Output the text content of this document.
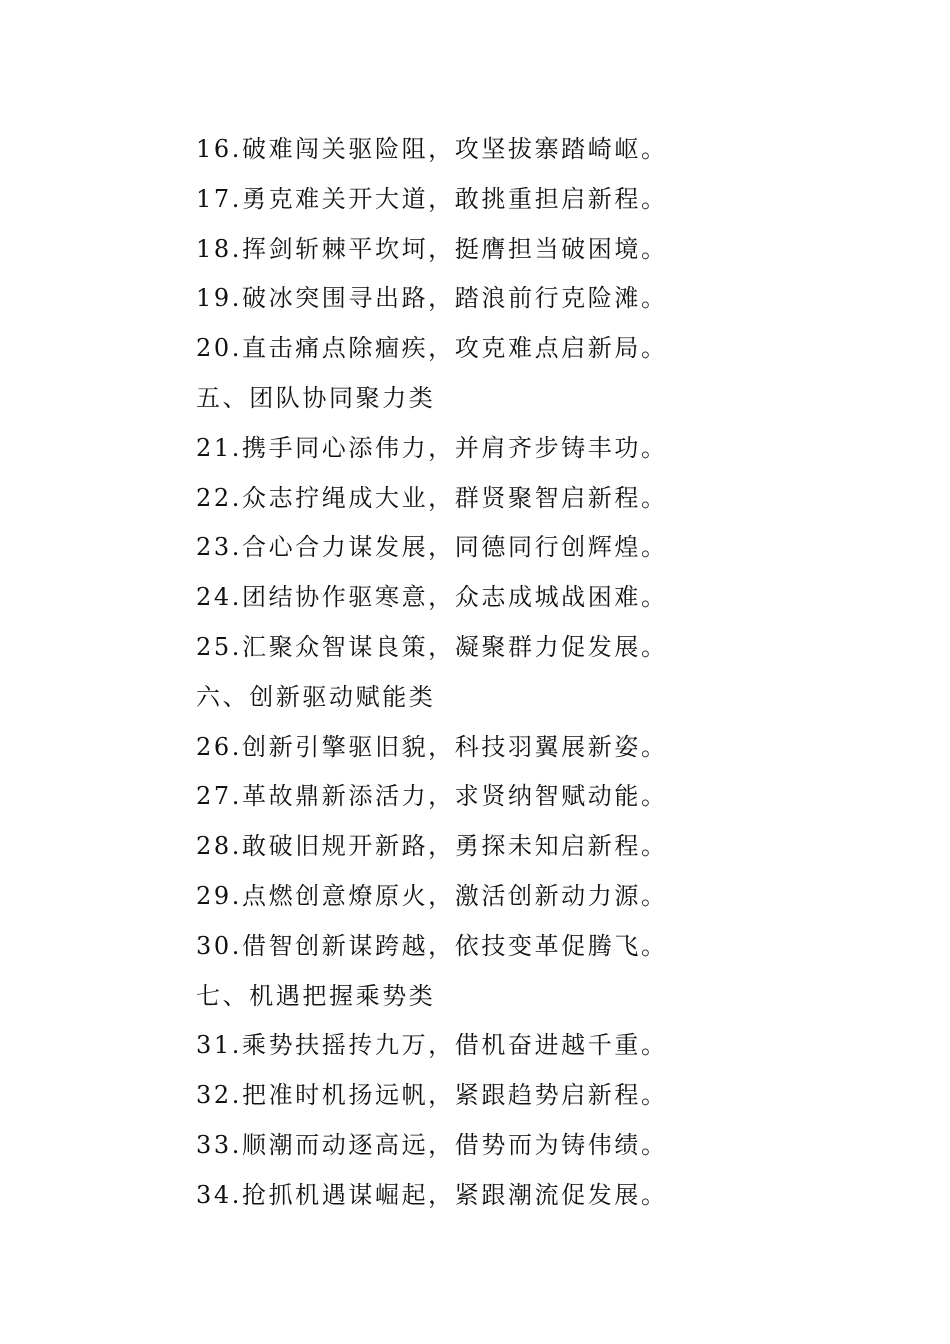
16.破难闯关驱险阻，攻坚拔寨踏崎岖。
17.勇克难关开大道，敢挑重担启新程。
18.挥剑斩棘平坎坷，挺膺担当破困境。
19.破冰突围寻出路，踏浪前行克险滩。
20.直击痛点除痼疾，攻克难点启新局。
五、团队协同聚力类
21.携手同心添伟力，并肩齐步铸丰功。
22.众志拧绳成大业，群贤聚智启新程。
23.合心合力谋发展，同德同行创辉煌。
24.团结协作驱寒意，众志成城战困难。
25.汇聚众智谋良策，凝聚群力促发展。
六、创新驱动赋能类
26.创新引擎驱旧貌，科技羽翼展新姿。
27.革故鼎新添活力，求贤纳智赋动能。
28.敢破旧规开新路，勇探未知启新程。
29.点燃创意燎原火，激活创新动力源。
30.借智创新谋跨越，依技变革促腾飞。
七、机遇把握乘势类
31.乘势扶摇抟九万，借机奋进越千重。
32.把准时机扬远帆，紧跟趋势启新程。
33.顺潮而动逐高远，借势而为铸伟绩。
34.抢抓机遇谋崛起，紧跟潮流促发展。
